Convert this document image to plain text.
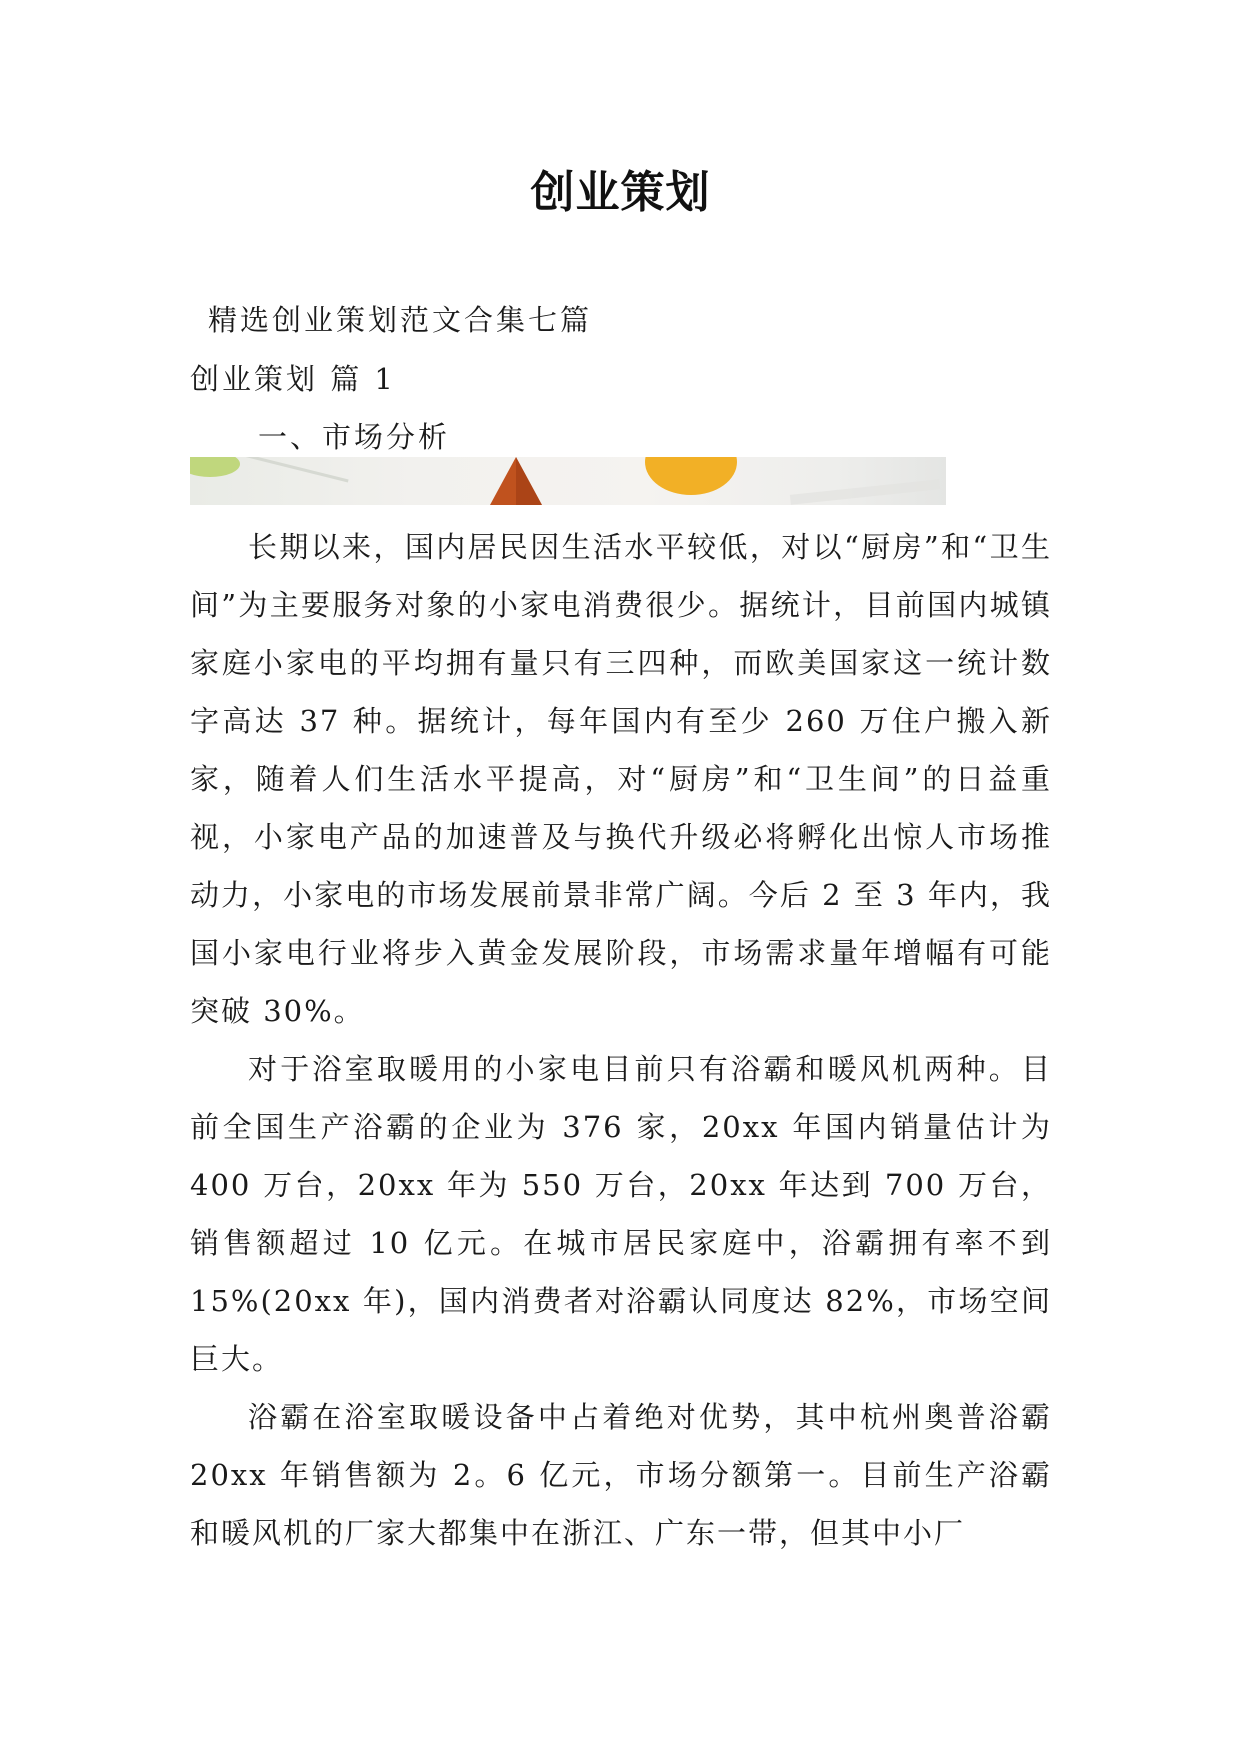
创业策划
精选创业策划范文合集七篇
创业策划 篇 1
一、市场分析

长期以来，国内居民因生活水平较低，对以“厨房”和“卫生间”为主要服务对象的小家电消费很少。据统计，目前国内城镇家庭小家电的平均拥有量只有三四种，而欧美国家这一统计数字高达 37 种。据统计，每年国内有至少 260 万住户搬入新家，随着人们生活水平提高，对“厨房”和“卫生间”的日益重视，小家电产品的加速普及与换代升级必将孵化出惊人市场推动力，小家电的市场发展前景非常广阔。今后 2 至 3 年内，我国小家电行业将步入黄金发展阶段，市场需求量年增幅有可能突破 30%。

对于浴室取暖用的小家电目前只有浴霸和暖风机两种。目前全国生产浴霸的企业为 376 家，20xx 年国内销量估计为 400 万台，20xx 年为 550 万台，20xx 年达到 700 万台，销售额超过 10 亿元。在城市居民家庭中，浴霸拥有率不到 15%(20xx 年)，国内消费者对浴霸认同度达 82%，市场空间巨大。

浴霸在浴室取暖设备中占着绝对优势，其中杭州奥普浴霸 20xx 年销售额为 2。6 亿元，市场分额第一。目前生产浴霸和暖风机的厂家大都集中在浙江、广东一带，但其中小厂
